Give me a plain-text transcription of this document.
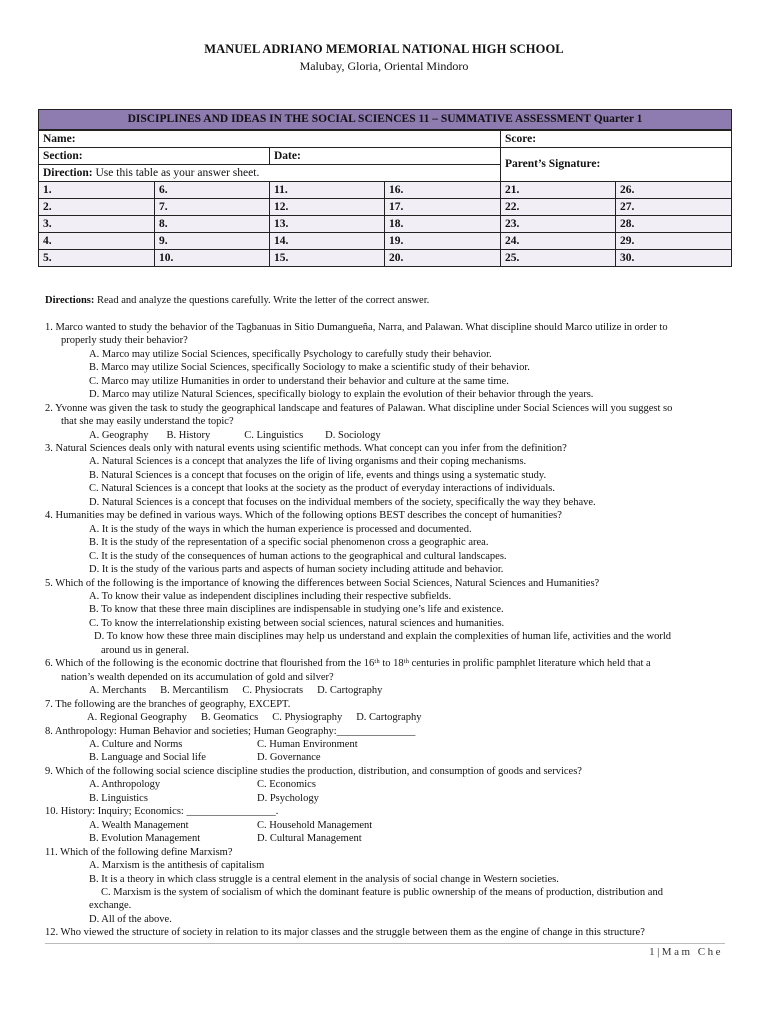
MANUEL ADRIANO MEMORIAL NATIONAL HIGH SCHOOL
Malubay, Gloria, Oriental Mindoro
DISCIPLINES AND IDEAS IN THE SOCIAL SCIENCES 11 – SUMMATIVE ASSESSMENT Quarter 1					
Name:				Score:	
Section:		Date:		Parent’s Signature:	
Direction: Use this table as your answer sheet.					
1.	6.	11.	16.	21.	26.
2.	7.	12.	17.	22.	27.
3.	8.	13.	18.	23.	28.
4.	9.	14.	19.	24.	29.
5.	10.	15.	20.	25.	30.

Directions: Read and analyze the questions carefully. Write the letter of the correct answer.

1. Marco wanted to study the behavior of the Tagbanuas in Sitio Dumangueña, Narra, and Palawan. What discipline should Marco utilize in order to

properly study their behavior?

A. Marco may utilize Social Sciences, specifically Psychology to carefully study their behavior.

B. Marco may utilize Social Sciences, specifically Sociology to make a scientific study of their behavior.

C. Marco may utilize Humanities in order to understand their behavior and culture at the same time.

D. Marco may utilize Natural Sciences, specifically biology to explain the evolution of their behavior through the years.

2. Yvonne was given the task to study the geographical landscape and features of Palawan. What discipline under Social Sciences will you suggest so

that she may easily understand the topic?

A. Geography B. History	C. Linguistics D. Sociology

3. Natural Sciences deals only with natural events using scientific methods. What concept can you infer from the definition?

A. Natural Sciences is a concept that analyzes the life of living organisms and their coping mechanisms.

B. Natural Sciences is a concept that focuses on the origin of life, events and things using a systematic study.

C. Natural Sciences is a concept that looks at the society as the product of everyday interactions of individuals.

D. Natural Sciences is a concept that focuses on the individual members of the society, specifically the way they behave.

4. Humanities may be defined in various ways. Which of the following options BEST describes the concept of humanities?

A. It is the study of the ways in which the human experience is processed and documented.

B. It is the study of the representation of a specific social phenomenon cross a geographic area.

C. It is the study of the consequences of human actions to the geographical and cultural landscapes.

D. It is the study of the various parts and aspects of human society including attitude and behavior.

5. Which of the following is the importance of knowing the differences between Social Sciences, Natural Sciences and Humanities?

A. To know their value as independent disciplines including their respective subfields.

B. To know that these three main disciplines are indispensable in studying one’s life and existence.

C. To know the interrelationship existing between social sciences, natural sciences and humanities.

D. To know how these three main disciplines may help us understand and explain the complexities of human life, activities and the world

around us in general.

6. Which of the following is the economic doctrine that flourished from the 16ᵗʰ to 18ᵗʰ centuries in prolific pamphlet literature which held that a

nation’s wealth depended on its accumulation of gold and silver?

A. Merchants B. Mercantilism C. Physiocrats D. Cartography

7. The following are the branches of geography, EXCEPT.

A. Regional Geography B. Geomatics C. Physiography D. Cartography

8. Anthropology: Human Behavior and societies; Human Geography:_______________

A. Culture and Norms	C. Human Environment

B. Language and Social life	D. Governance

9. Which of the following social science discipline studies the production, distribution, and consumption of goods and services?

A. Anthropology	C. Economics

B. Linguistics	D. Psychology

10. History: Inquiry; Economics: _________________.

A. Wealth Management	C. Household Management

B. Evolution Management	D. Cultural Management

11. Which of the following define Marxism?

A. Marxism is the antithesis of capitalism

B. It is a theory in which class struggle is a central element in the analysis of social change in Western societies.

C. Marxism is the system of socialism of which the dominant feature is public ownership of the means of production, distribution and

exchange.

D. All of the above.

12. Who viewed the structure of society in relation to its major classes and the struggle between them as the engine of change in this structure?

1|Mam Che
